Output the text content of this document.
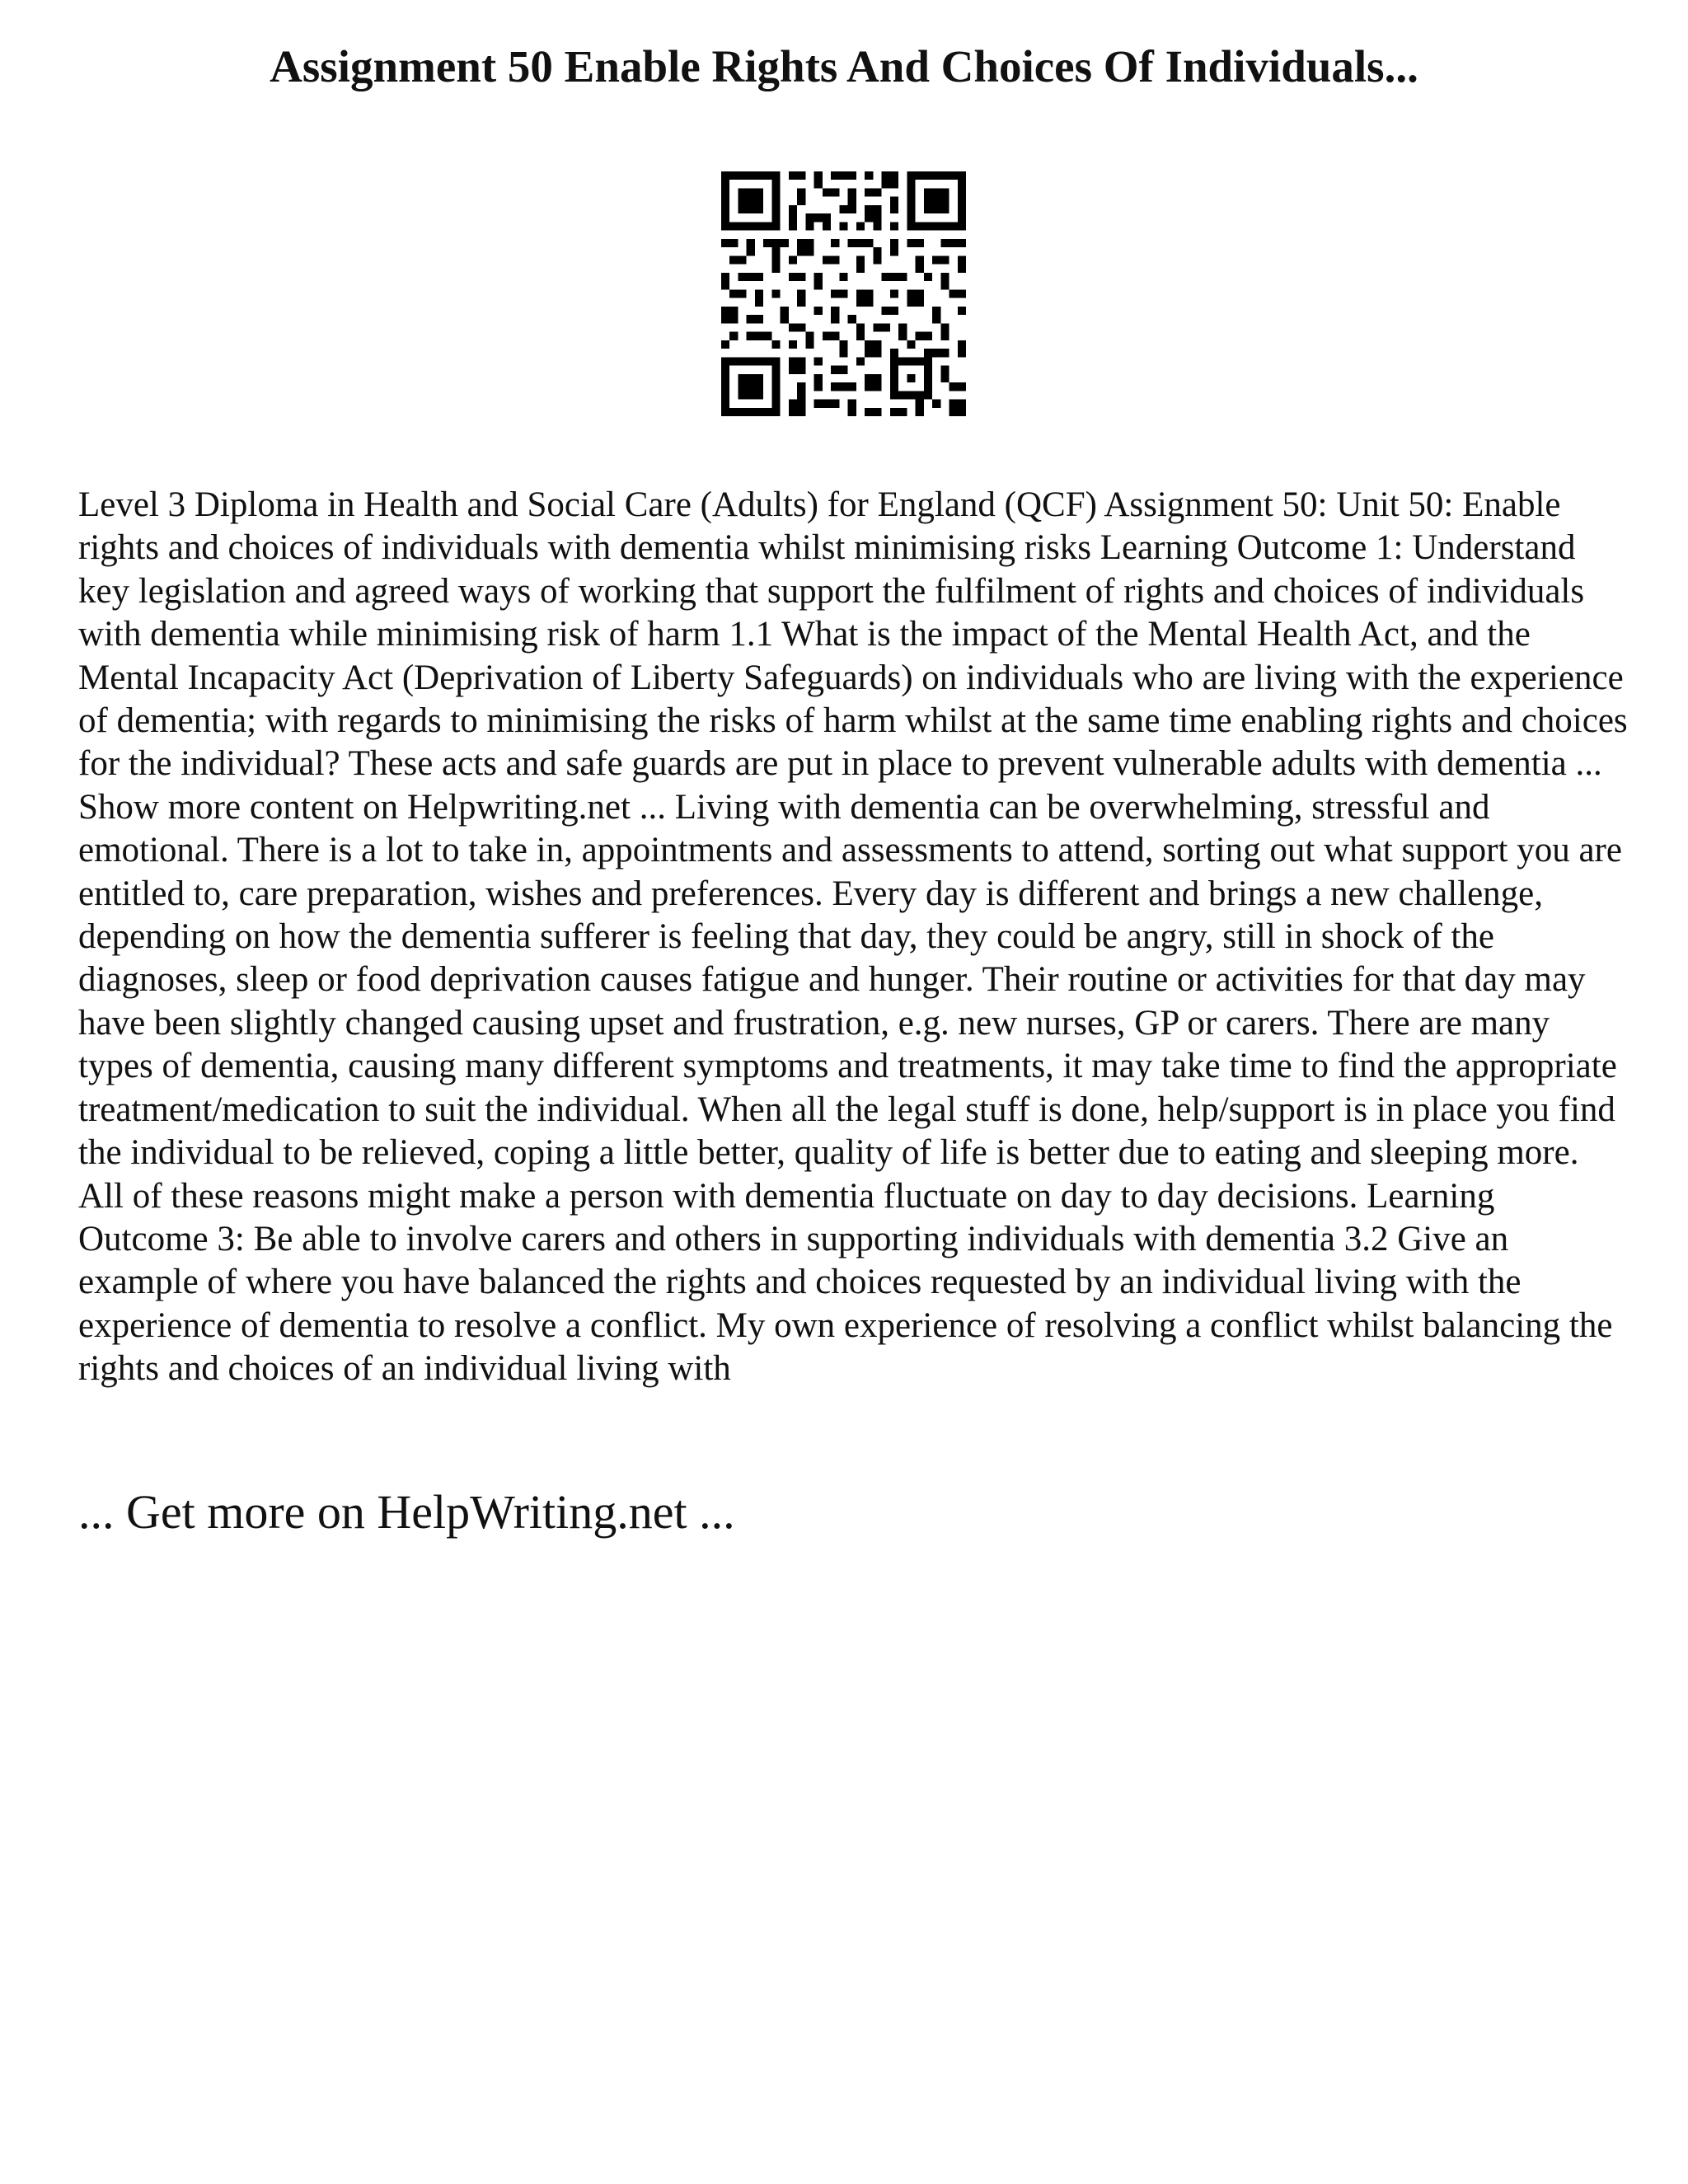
Assignment 50 Enable Rights And Choices Of Individuals...

Level 3 Diploma in Health and Social Care (Adults) for England (QCF) Assignment 50: Unit 50: Enable rights and choices of individuals with dementia whilst minimising risks Learning Outcome 1: Understand key legislation and agreed ways of working that support the fulfilment of rights and choices of individuals with dementia while minimising risk of harm 1.1 What is the impact of the Mental Health Act, and the Mental Incapacity Act (Deprivation of Liberty Safeguards) on individuals who are living with the experience of dementia; with regards to minimising the risks of harm whilst at the same time enabling rights and choices for the individual? These acts and safe guards are put in place to prevent vulnerable adults with dementia ... Show more content on Helpwriting.net ... Living with dementia can be overwhelming, stressful and emotional. There is a lot to take in, appointments and assessments to attend, sorting out what support you are entitled to, care preparation, wishes and preferences. Every day is different and brings a new challenge, depending on how the dementia sufferer is feeling that day, they could be angry, still in shock of the diagnoses, sleep or food deprivation causes fatigue and hunger. Their routine or activities for that day may have been slightly changed causing upset and frustration, e.g. new nurses, GP or carers. There are many types of dementia, causing many different symptoms and treatments, it may take time to find the appropriate treatment/medication to suit the individual. When all the legal stuff is done, help/support is in place you find the individual to be relieved, coping a little better, quality of life is better due to eating and sleeping more. All of these reasons might make a person with dementia fluctuate on day to day decisions. Learning Outcome 3: Be able to involve carers and others in supporting individuals with dementia 3.2 Give an example of where you have balanced the rights and choices requested by an individual living with the experience of dementia to resolve a conflict. My own experience of resolving a conflict whilst balancing the rights and choices of an individual living with

... Get more on HelpWriting.net ...
